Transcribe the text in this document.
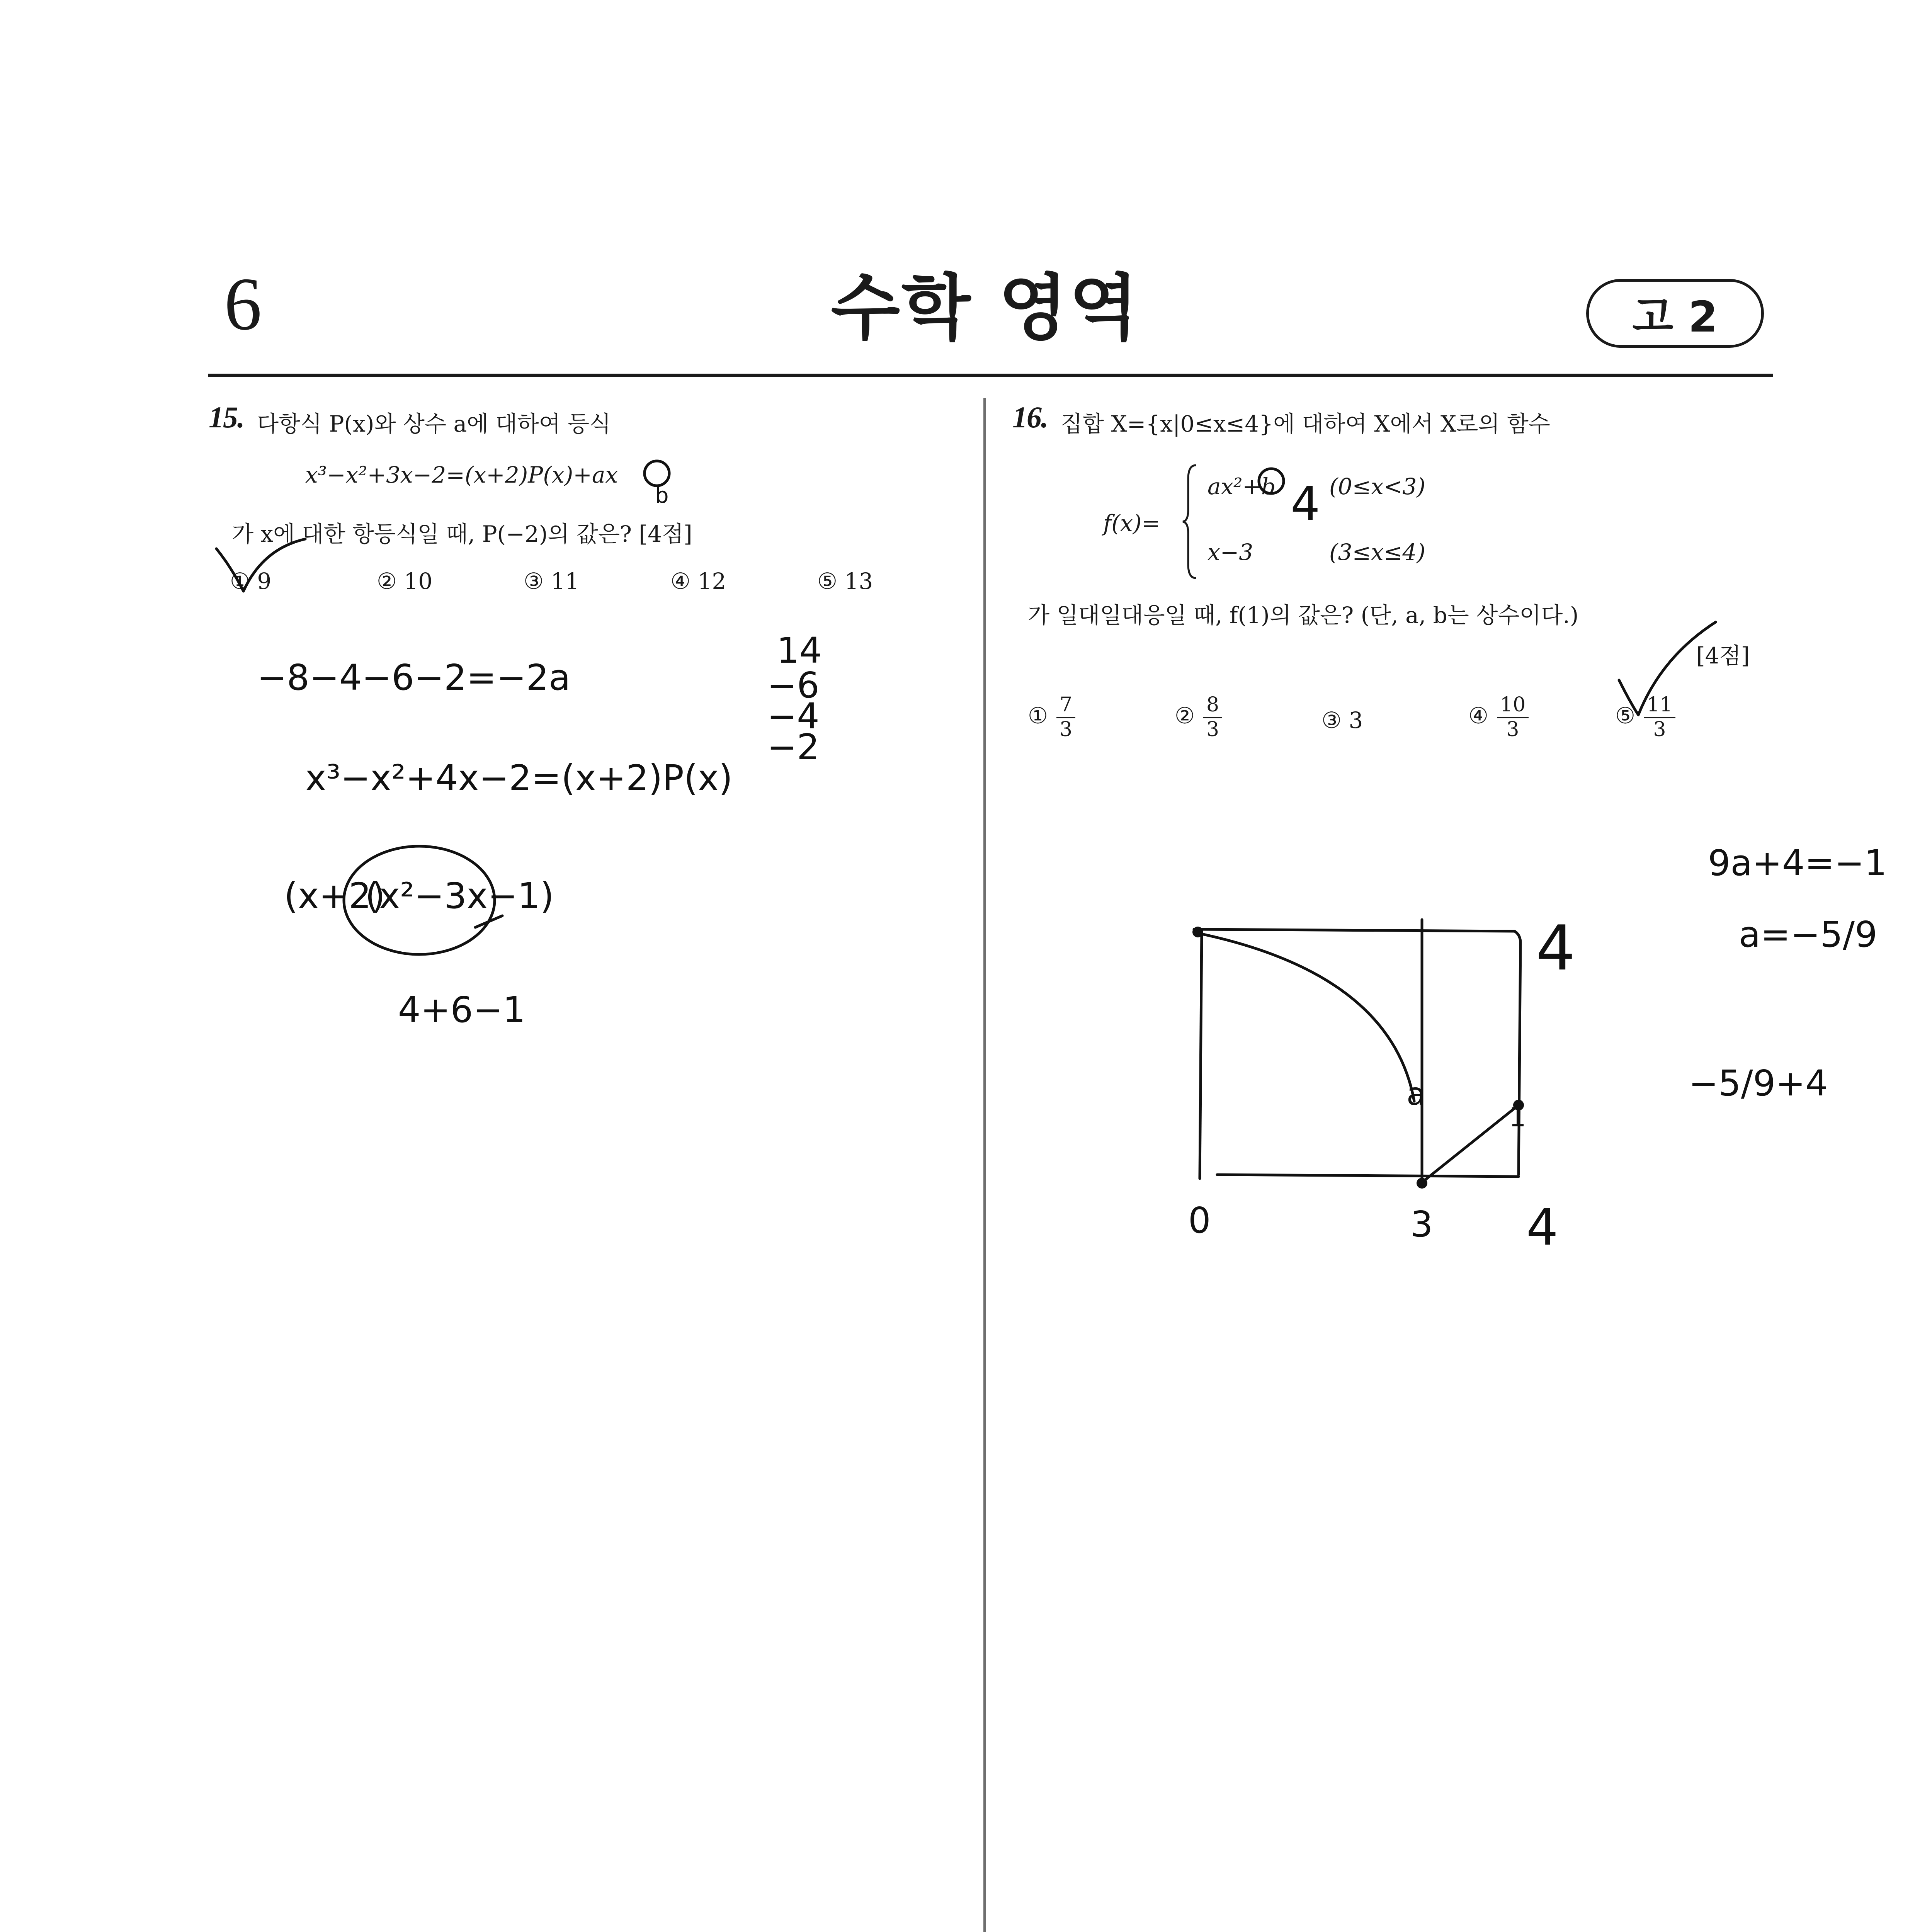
6	수학 영역	고 2
15. 다항식 P(x)와 상수 a에 대하여 등식
x³−x²+3x−2=(x+2)P(x)+ax
가 x에 대한 항등식일 때, P(−2)의 값은? [4점]
① 9	② 10	③ 11	④ 12	⑤ 13
16. 집합 X={x|0≤x≤4}에 대하여 X에서 X로의 함수
f(x)=
ax²+b (0≤x<3)
x−3	(3≤x≤4)
가 일대일대응일 때, f(1)의 값은? (단, a, b는 상수이다.)
[4점]
① $\frac{7}{3}$	② $\frac{8}{3}$	③ 3	④ $\frac{10}{3}$	⑤ $\frac{11}{3}$
−8−4−6−2=−2a
x³−x²+4x−2=(x+2)P(x)
(x+2)
(x²−3x−1)
4+6−1
14
−6
−4
−2
b	4
9a+4=−1
a=−5/9
−5/9+4
4
a
1
0	3 4
